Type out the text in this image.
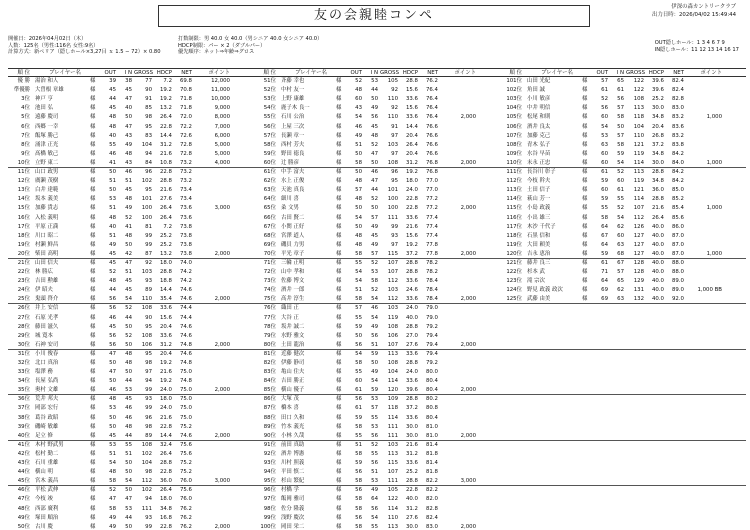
友の会親睦コンペ
伊深の森カントリークラブ
出力日時：2026/04/02 15:49:44
開催日：2026年04月02日（木）
人数：125名（男性:116名 女性:9名）
計算方式：新ペリア（隠しホール×3,27目 ｘ 1.5 − 72）× 0.80
打数制限：男 40.0 女 40.0（男シニア 40.0 女シニア 40.0）
HDCP制限：パー × 2（ダブルパー）
優先順序：ネット⇒年齢⇒グロス
OUT隠しホール：1 3 4 6 7 9
IN隠しホール：11 12 13 14 16 17
順 位	プレイヤー名	OUT	I N GROSS HDCP	NET	ポイント	順 位	プレイヤー名	OUT	I N GROSS HDCP	NET	ポイント	順 位	プレイヤー名	OUT	I N GROSS HDCP	NET	ポイント
優 勝 湯治 和人	様	39	38	77	7.2	69.8	12,000	51位 斉藤 幸也	様	52	53	105	28.8	76.2	101位 山田 光紀	様	57	65	122	39.6	82.4
準優勝 大曽根 章雄	様	45	45	90	19.2	70.8	11,000	52位 中村 友一	様	48	44	92	15.6	76.4	102位 角田 誠	様	61	61	122	39.6	82.4
3位 神戸 亨	様	44	47	91	19.2	71.8	10,000	53位 上野 康雄	様	60	50	110	33.6	76.4	103位 小川 敏彦	様	52	56	108	25.2	82.8
4位 池田 弘	様	45	40	85	13.2	71.8	9,000	54位 鹿子木 良一	様	43	49	92	15.6	76.4	104位 中井 明信	様	56	57	113	30.0	83.0
5位 遠藤 慶司	様	48	50	98	26.4	72.0	8,000	55位 石川 公治	様	54	56	110	33.6	76.4	2,000	105位 松尾 和則	様	60	58	118	34.8	83.2	1,000
6位 西郷 一幸	様	48	47	95	22.8	72.2	7,000	56位 上屋 三次	様	46	45	91	14.4	76.6	106位 酒井 良太	様	54	50	104	20.4	83.6
7位 飯塚 勝己	様	40	43	83	14.4	72.6	6,000	57位 長瀬 章一	様	49	48	97	20.4	76.6	107位 加藤 克己	様	53	57	110	26.8	83.2
8位 涌津 正光	様	55	49	104	31.2	72.8	5,000	58位 西村 芳夫	様	51	52	103	26.4	76.6	108位 青木 弘子	様	63	58	121	37.2	83.8
9位 髙橋 敏己	様	46	48	94	21.6	72.8	5,000	59位 野田 徳良	様	50	47	97	20.4	76.6	109位 水谷 早苗	様	60	59	119	34.8	84.2
10位 立野 東二	様	41	43	84	10.8	73.2	4,000	60位 辻 勝彦	様	58	50	108	31.2	76.8	2,000	110位 末永 正忠	様	60	54	114	30.0	84.0	1,000
11位 山口 政男	様	50	46	96	22.8	73.2	61位 中手 富夫	様	50	46	96	19.2	76.8	111位 長谷川 彰子	様	61	52	113	28.8	84.2
12位 廣瀬 茂樹	様	51	51	102	28.8	73.2	62位 水上 正俊	様	48	47	95	18.0	77.0	112位 今枝 幹夫	様	59	60	119	34.8	84.2
13位 白井 達範	様	50	45	95	21.6	73.4	63位 天池 真良	様	57	44	101	24.0	77.0	113位 土田 信子	様	60	61	121	36.0	85.0
14位 坂本 義美	様	53	48	101	27.6	73.4	64位 細川 喜	様	48	52	100	22.8	77.2	114位 萩山 芳一	様	59	55	114	28.8	85.2
15位 加藤 貴志	様	51	49	100	26.4	73.6	3,000	65位 粂 文男	様	50	50	100	22.8	77.2	2,000	115位 小島 政義	様	55	52	107	21.6	85.4	1,000
16位 入松 義明	様	48	52	100	26.4	73.6	66位 古田 賢二	様	54	57	111	33.6	77.4	116位 小出 雄三	様	58	54	112	26.4	85.6
17位 平原 正満	様	40	41	81	7.2	73.8	67位 小関 正好	様	50	49	99	21.6	77.4	117位 木沙 千代子	様	64	62	126	40.0	86.0
18位 川口 昭二	様	51	48	99	25.2	73.8	68位 宮澤 道人	様	48	45	93	15.6	77.4	118位 石黒 信和	様	67	60	127	40.0	87.0
19位 村瀬 鮮昌	様	49	50	99	25.2	73.8	69位 磯貝 力男	様	48	49	97	19.2	77.8	119位 大田 頼美	様	64	63	127	40.0	87.0
20位 柴田 高明	様	45	42	87	13.2	73.8	2,000	70位 平光 章子	様	58	57	115	37.2	77.8	2,000	120位 吉永 恵治	様	59	68	127	40.0	87.0	1,000
21位 山田 信夫	様	45	47	92	18.0	74.0	71位 三輪 正明	様	55	52	107	28.8	78.2	121位 藤井 良三	様	61	67	128	40.0	88.0
22位 林 勝広	様	52	51	103	28.8	74.2	72位 山中 孝和	様	54	53	107	28.8	78.2	122位 杉本 武	様	71	57	128	40.0	88.0
23位 吉田 勲雄	様	48	45	93	18.8	74.2	73位 佐藤 博文	様	54	58	112	33.6	78.4	123位 滝 宗次	様	64	65	129	40.0	89.0
24位 伊 昭夫	様	44	45	89	14.4	74.6	74位 酒井 一郎	様	51	52	103	24.6	78.4	124位 野見 政義 政次	様	69	62	131	40.0	89.0	1,000 BB
25位 鬼頭 啓介	様	56	54	110	35.4	74.6	2,000	75位 高井 淳生	様	58	54	112	33.6	78.4	2,000	125位 武藤 由美	様	69	63	132	40.0	92.0
26位 井上 安信	様	56	52	108	33.6	74.4	76位 織田 正	様	57	46	103	24.0	79.0
27位 石原 光孝	様	46	44	90	15.6	74.4	77位 大谷 正	様	55	54	119	40.0	79.0
28位 藤田 滋久	様	45	50	95	20.4	74.6	78位 坂井 誠二	様	59	49	108	28.8	79.2
29位 城 寛本	様	56	52	108	33.6	74.6	79位 水野 雅文	様	50	56	106	27.0	79.4
30位 石神 安司	様	56	50	106	31.2	74.8	2,000	80位 土田 龍治	様	56	51	107	27.6	79.4	2,000
31位 小川 俊春	様	47	48	95	20.4	74.6	81位 近藤 健次	様	54	59	113	33.6	79.4
32位 北口 真治	様	50	48	98	19.2	74.8	82位 伊藤 静司	様	58	50	108	28.8	79.2
33位 塩澤 務	様	47	50	97	21.6	75.0	83位 亀山 住夫	様	55	49	104	24.0	80.0
34位 長屋 弘尚	様	50	44	94	19.2	74.8	84位 吉田 勝正	様	60	54	114	33.6	80.4
35位 奥村 文雄	様	46	53	99	24.0	75.0	2,000	85位 横山 優子	様	61	59	120	39.6	80.4	2,000
36位 荒井 邦夫	様	48	45	93	18.0	75.0	86位 大塚 茂	様	56	53	109	28.8	80.2
37位 岡部 宏行	様	53	46	99	24.0	75.0	87位 橋本 喜	様	61	57	118	37.2	80.8
38位 葛谷 政昭	様	50	46	96	21.6	75.0	88位 田口 久和	様	59	55	114	33.6	80.4
39位 磯崎 敏雄	様	50	48	98	22.8	75.2	89位 竹本 義光	様	58	53	111	30.0	81.0
40位 足立 修	様	45	44	89	14.4	74.6	2,000	90位 小林 久哉	様	55	56	111	30.0	81.0	2,000
41位 木村 野武男	様	53	55	108	32.4	75.6	91位 前田 真助	様	51	52	103	21.6	81.4
42位 松村 勤二	様	51	51	102	26.4	75.6	92位 酒井 博憲	様	58	55	113	31.2	81.8
43位 石川 重雄	様	54	50	104	28.8	75.2	93位 川村 照義	様	59	56	115	33.6	81.4
44位 横山 明	様	48	50	98	22.8	75.2	94位 平田 慎二	様	56	51	107	25.2	81.8
45位 宮木 義昌	様	58	54	112	36.0	76.0	3,000	95位 杉山 繁紀	様	58	53	111	28.8	82.2	3,000
46位 平松 武伸	様	52	50	102	26.4	75.6	96位 村橋 学	様	56	49	105	22.8	82.2
47位 今枝 竣	様	47	47	94	18.0	76.0	97位 飯岡 雅司	様	58	64	122	40.0	82.0
48位 西部 廣利	様	58	53	111	34.8	76.2	98位 佐分 隆義	様	58	56	114	31.2	82.8
49位 塚田 順治	様	49	44	93	16.8	76.2	99位 浅野 慶次	様	56	54	110	27.6	82.4
50位 古川 慶	様	49	50	99	22.8	76.2	2,000	100位 岡田 栄二	様	58	55	113	30.0	83.0	2,000
